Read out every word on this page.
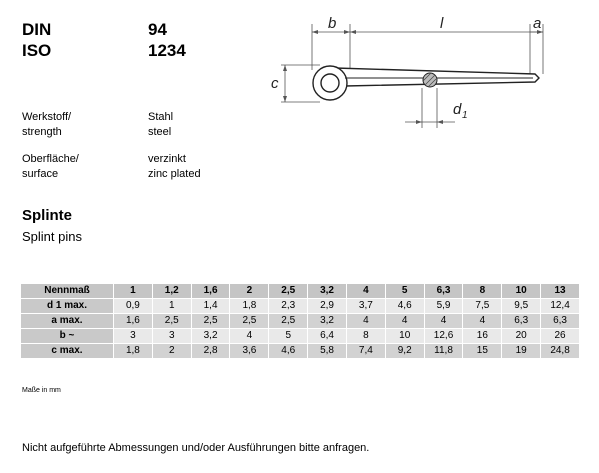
DIN	94
ISO	1234
Werkstoff/
strength
Stahl
steel
Oberfläche/
surface
verzinkt
zinc plated
Splinte
Splint pins
b	l	a
c
d 1
Nennmaß	1	1,2	1,6	2	2,5	3,2	4	5	6,3	8	10	13
d 1 max.	0,9	1	1,4	1,8	2,3	2,9	3,7	4,6	5,9	7,5	9,5	12,4
a max.	1,6	2,5	2,5	2,5	2,5	3,2	4	4	4	4	6,3	6,3
b ~	3	3	3,2	4	5	6,4	8	10	12,6	16	20	26
c max.	1,8	2	2,8	3,6	4,6	5,8	7,4	9,2	11,8	15	19	24,8
Maße in mm
Nicht aufgeführte Abmessungen und/oder Ausführungen bitte anfragen.
